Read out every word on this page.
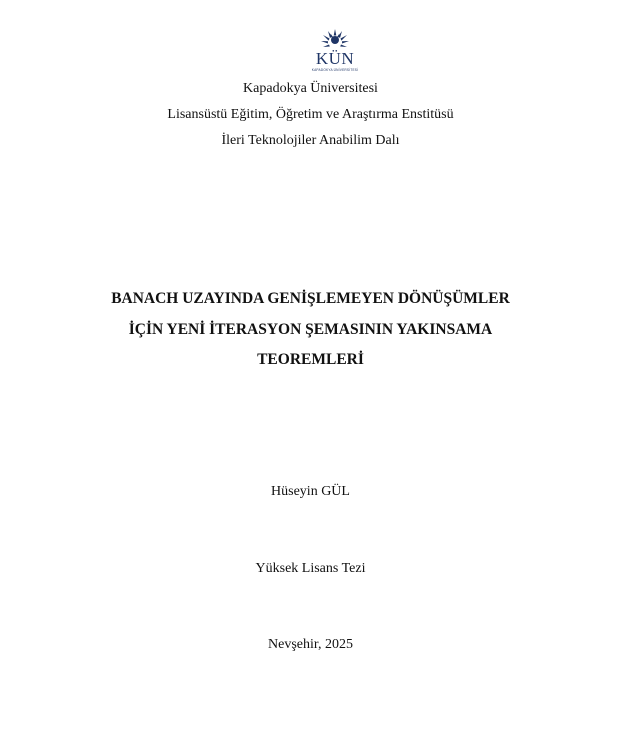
KÜN
KAPADOKYA ÜNİVERSİTESİ
Kapadokya Üniversitesi
Lisansüstü Eğitim, Öğretim ve Araştırma Enstitüsü
İleri Teknolojiler Anabilim Dalı
BANACH UZAYINDA GENİŞLEMEYEN DÖNÜŞÜMLER
İÇİN YENİ İTERASYON ŞEMASININ YAKINSAMA
TEOREMLERİ
Hüseyin GÜL
Yüksek Lisans Tezi
Nevşehir, 2025
